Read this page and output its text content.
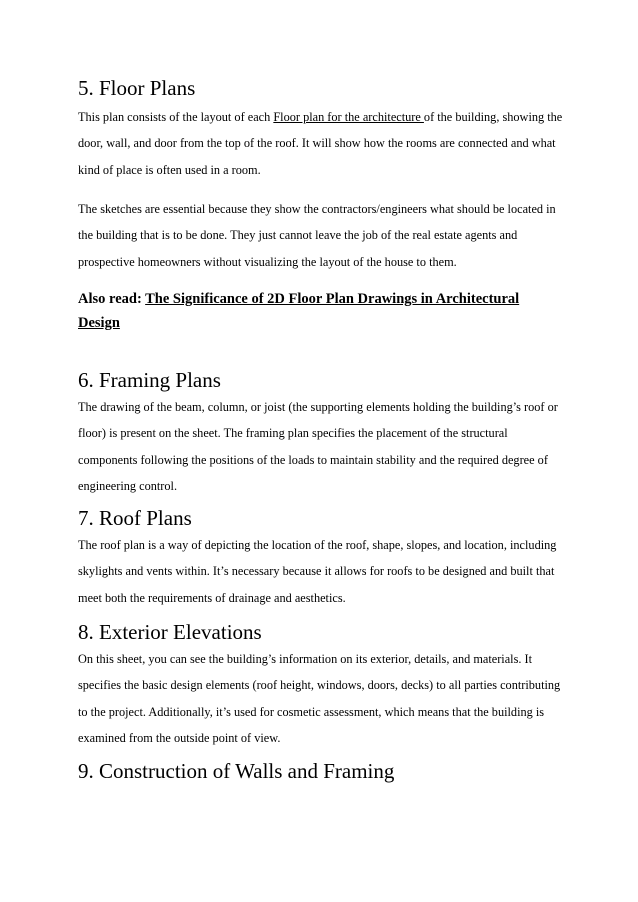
5. Floor Plans

This plan consists of the layout of each Floor plan for the architecture of the building, showing the door, wall, and door from the top of the roof. It will show how the rooms are connected and what kind of place is often used in a room.

The sketches are essential because they show the contractors/engineers what should be located in the building that is to be done. They just cannot leave the job of the real estate agents and prospective homeowners without visualizing the layout of the house to them.

Also read: The Significance of 2D Floor Plan Drawings in Architectural Design
6. Framing Plans

The drawing of the beam, column, or joist (the supporting elements holding the building’s roof or floor) is present on the sheet. The framing plan specifies the placement of the structural components following the positions of the loads to maintain stability and the required degree of engineering control.

7. Roof Plans

The roof plan is a way of depicting the location of the roof, shape, slopes, and location, including skylights and vents within. It’s necessary because it allows for roofs to be designed and built that meet both the requirements of drainage and aesthetics.

8. Exterior Elevations

On this sheet, you can see the building’s information on its exterior, details, and materials. It specifies the basic design elements (roof height, windows, doors, decks) to all parties contributing to the project. Additionally, it’s used for cosmetic assessment, which means that the building is examined from the outside point of view.

9. Construction of Walls and Framing
